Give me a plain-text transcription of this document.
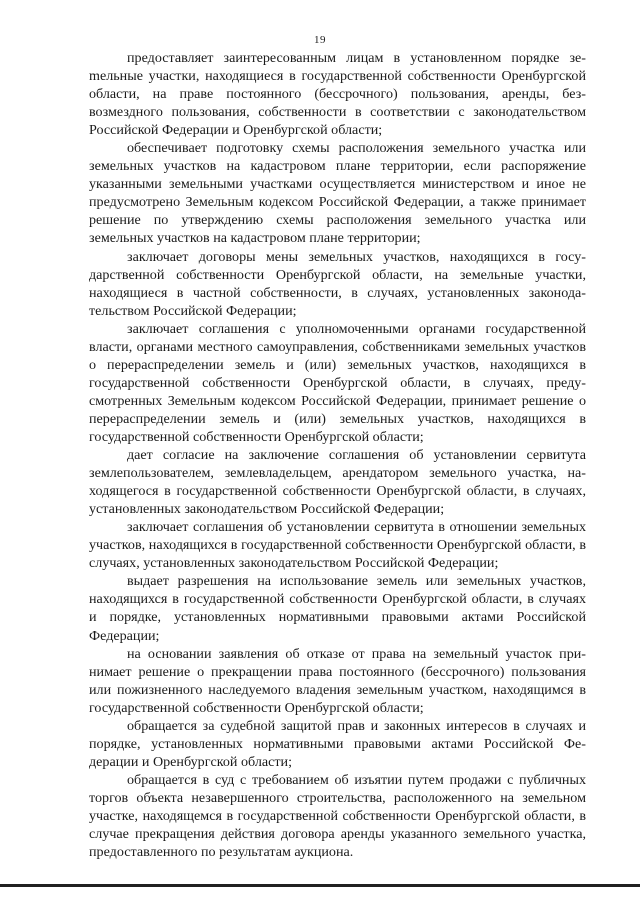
19

предоставляет заинтересованным лицам в установленном порядке зеmельные участки, находящиеся в государственной собственности Оренбургской области, на праве постоянного (бессрочного) пользования, аренды, безвозмездного пользования, собственности в соответствии с законодательством Российской Федерации и Оренбургской области;

обеспечивает подготовку схемы расположения земельного участка или земельных участков на кадастровом плане территории, если распоряжение указанными земельными участками осуществляется министерством и иное не предусмотрено Земельным кодексом Российской Федерации, а также принимает решение по утверждению схемы расположения земельного участка или земельных участков на кадастровом плане территории;

заключает договоры мены земельных участков, находящихся в государственной собственности Оренбургской области, на земельные участки, находящиеся в частной собственности, в случаях, установленных законодательством Российской Федерации;

заключает соглашения с уполномоченными органами государственной власти, органами местного самоуправления, собственниками земельных участков о перераспределении земель и (или) земельных участков, находящихся в государственной собственности Оренбургской области, в случаях, предусмотренных Земельным кодексом Российской Федерации, принимает решение о перераспределении земель и (или) земельных участков, находящихся в государственной собственности Оренбургской области;

дает согласие на заключение соглашения об установлении сервитута землепользователем, землевладельцем, арендатором земельного участка, находящегося в государственной собственности Оренбургской области, в случаях, установленных законодательством Российской Федерации;

заключает соглашения об установлении сервитута в отношении земельных участков, находящихся в государственной собственности Оренбургской области, в случаях, установленных законодательством Российской Федерации;

выдает разрешения на использование земель или земельных участков, находящихся в государственной собственности Оренбургской области, в случаях и порядке, установленных нормативными правовыми актами Российской Федерации;

на основании заявления об отказе от права на земельный участок принимает решение о прекращении права постоянного (бессрочного) пользования или пожизненного наследуемого владения земельным участком, находящимся в государственной собственности Оренбургской области;

обращается за судебной защитой прав и законных интересов в случаях и порядке, установленных нормативными правовыми актами Российской Федерации и Оренбургской области;

обращается в суд с требованием об изъятии путем продажи с публичных торгов объекта незавершенного строительства, расположенного на земельном участке, находящемся в государственной собственности Оренбургской области, в случае прекращения действия договора аренды указанного земельного участка, предоставленного по результатам аукциона.
